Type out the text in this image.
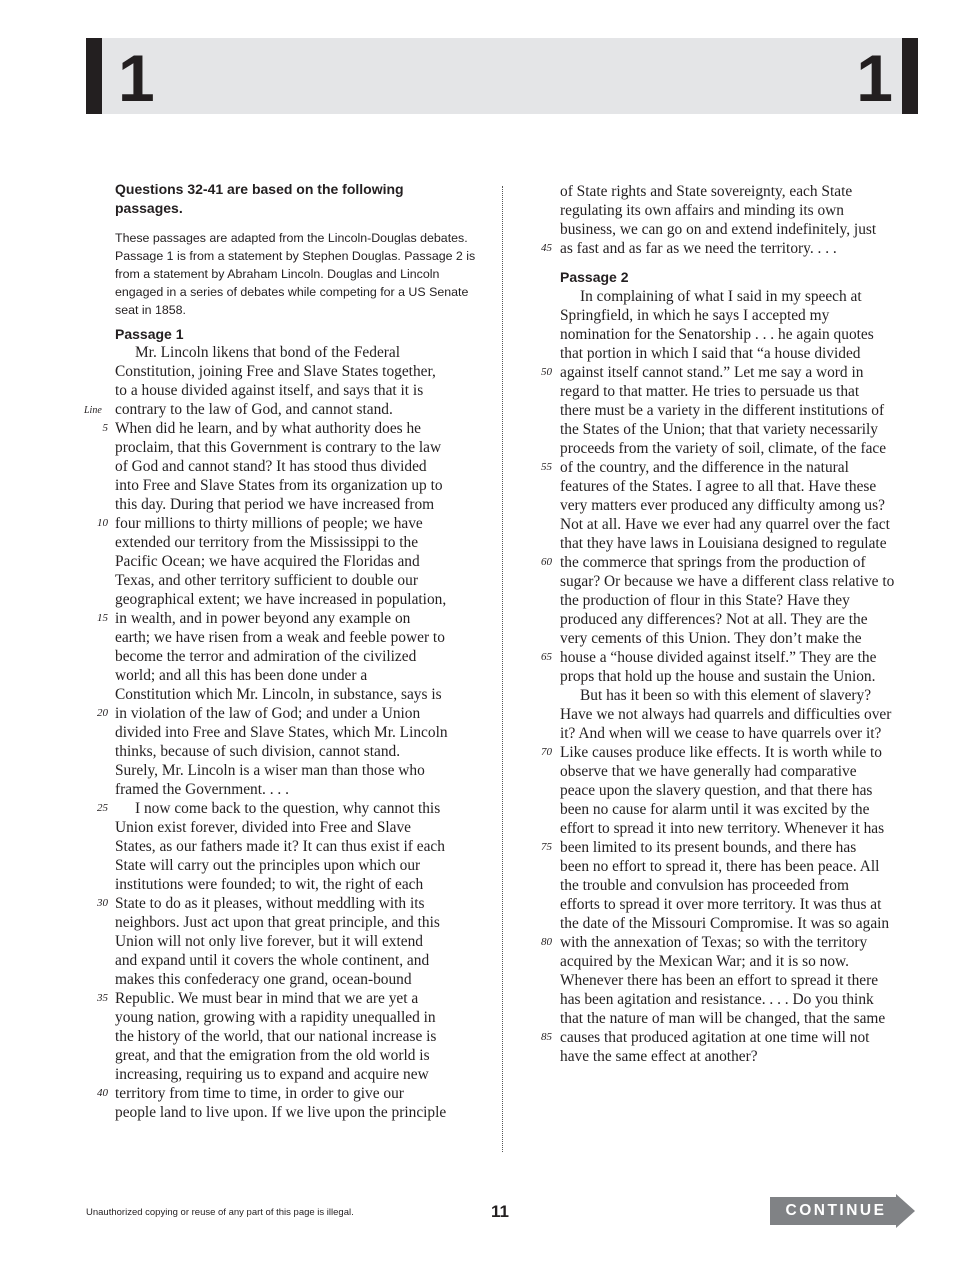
1	1
Questions 32-41 are based on the following passages.
These passages are adapted from the Lincoln-Douglas debates. Passage 1 is from a statement by Stephen Douglas. Passage 2 is from a statement by Abraham Lincoln. Douglas and Lincoln engaged in a series of debates while competing for a US Senate seat in 1858.
Passage 1
Passage 2
Mr. Lincoln likens that bond of the Federal
Constitution, joining Free and Slave States together,
to a house divided against itself, and says that it is
contrary to the law of God, and cannot stand.
When did he learn, and by what authority does he
proclaim, that this Government is contrary to the law
of God and cannot stand? It has stood thus divided
into Free and Slave States from its organization up to
this day. During that period we have increased from
four millions to thirty millions of people; we have
extended our territory from the Mississippi to the
Pacific Ocean; we have acquired the Floridas and
Texas, and other territory sufficient to double our
geographical extent; we have increased in population,
in wealth, and in power beyond any example on
earth; we have risen from a weak and feeble power to
become the terror and admiration of the civilized
world; and all this has been done under a
Constitution which Mr. Lincoln, in substance, says is
in violation of the law of God; and under a Union
divided into Free and Slave States, which Mr. Lincoln
thinks, because of such division, cannot stand.
Surely, Mr. Lincoln is a wiser man than those who
framed the Government. . . .
I now come back to the question, why cannot this
Union exist forever, divided into Free and Slave
States, as our fathers made it? It can thus exist if each
State will carry out the principles upon which our
institutions were founded; to wit, the right of each
State to do as it pleases, without meddling with its
neighbors. Just act upon that great principle, and this
Union will not only live forever, but it will extend
and expand until it covers the whole continent, and
makes this confederacy one grand, ocean-bound
Republic. We must bear in mind that we are yet a
young nation, growing with a rapidity unequalled in
the history of the world, that our national increase is
great, and that the emigration from the old world is
increasing, requiring us to expand and acquire new
territory from time to time, in order to give our
people land to live upon. If we live upon the principle
of State rights and State sovereignty, each State
regulating its own affairs and minding its own
business, we can go on and extend indefinitely, just
as fast and as far as we need the territory. . . .
In complaining of what I said in my speech at
Springfield, in which he says I accepted my
nomination for the Senatorship . . . he again quotes
that portion in which I said that “a house divided
against itself cannot stand.” Let me say a word in
regard to that matter. He tries to persuade us that
there must be a variety in the different institutions of
the States of the Union; that that variety necessarily
proceeds from the variety of soil, climate, of the face
of the country, and the difference in the natural
features of the States. I agree to all that. Have these
very matters ever produced any difficulty among us?
Not at all. Have we ever had any quarrel over the fact
that they have laws in Louisiana designed to regulate
the commerce that springs from the production of
sugar? Or because we have a different class relative to
the production of flour in this State? Have they
produced any differences? Not at all. They are the
very cements of this Union. They don’t make the
house a “house divided against itself.” They are the
props that hold up the house and sustain the Union.
But has it been so with this element of slavery?
Have we not always had quarrels and difficulties over
it? And when will we cease to have quarrels over it?
Like causes produce like effects. It is worth while to
observe that we have generally had comparative
peace upon the slavery question, and that there has
been no cause for alarm until it was excited by the
effort to spread it into new territory. Whenever it has
been limited to its present bounds, and there has
been no effort to spread it, there has been peace. All
the trouble and convulsion has proceeded from
efforts to spread it over more territory. It was thus at
the date of the Missouri Compromise. It was so again
with the annexation of Texas; so with the territory
acquired by the Mexican War; and it is so now.
Whenever there has been an effort to spread it there
has been agitation and resistance. . . . Do you think
that the nature of man will be changed, that the same
causes that produced agitation at one time will not
have the same effect at another?
5
10
15
20
25
30
35
40
45
50
55
60
65
70
75
80
85
Line
Unauthorized copying or reuse of any part of this page is illegal.	11	CONTINUE
